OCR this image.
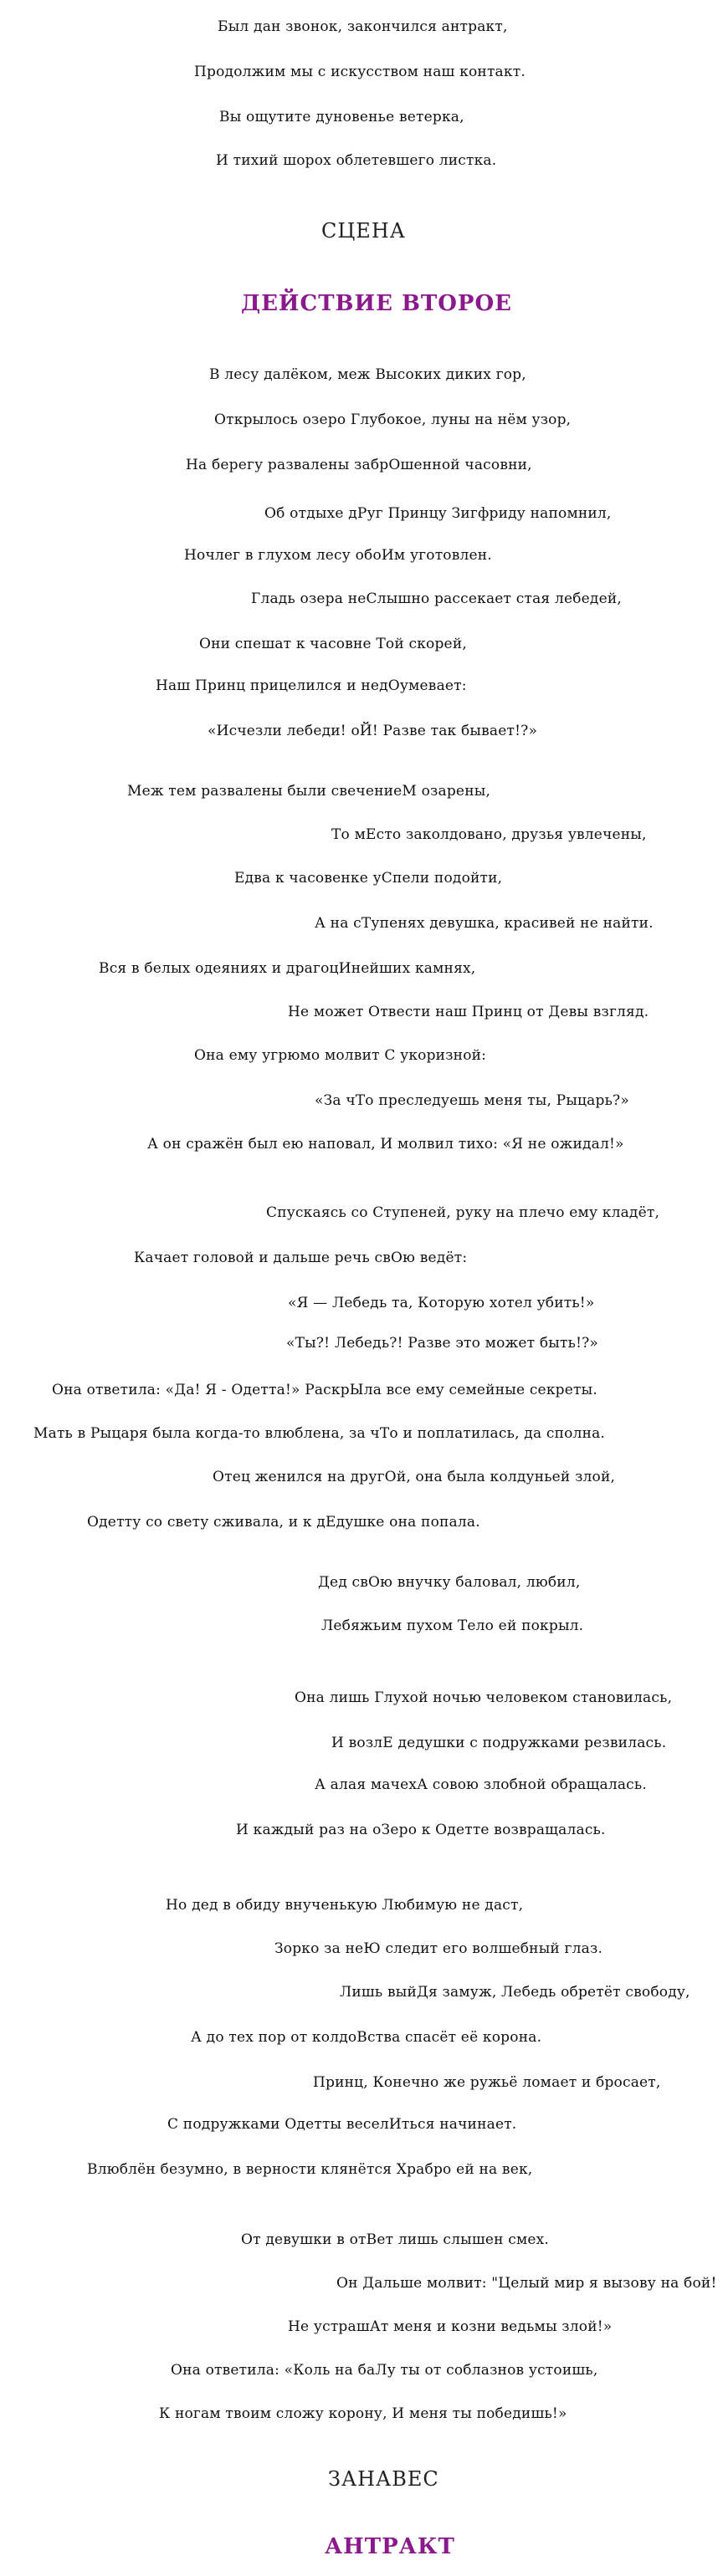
Был дан звонок, закончился антракт,
Продолжим мы с искусством наш контакт.
Вы ощутите дуновенье ветерка,
И тихий шорох облетевшего листка.
СЦЕНА
ДЕЙСТВИЕ ВТОРОЕ
В лесу далёком, меж Высоких диких гор,
Открылось озеро Глубокое, луны на нём узор,
На берегу развалены забрОшенной часовни,
Об отдыхе дРуг Принцу Зигфриду напомнил,
Ночлег в глухом лесу обоИм уготовлен.
Гладь озера неСлышно рассекает стая лебедей,
Они спешат к часовне Той скорей,
Наш Принц прицелился и недОумевает:
«Исчезли лебеди! оЙ! Разве так бывает!?»
Меж тем развалены были свечениеМ озарены,
То мЕсто заколдовано, друзья увлечены,
Едва к часовенке уСпели подойти,
А на сТупенях девушка, красивей не найти.
Вся в белых одеяниях и драгоцИнейших камнях,
Не может Отвести наш Принц от Девы взгляд.
Она ему угрюмо молвит С укоризной:
«За чТо преследуешь меня ты, Рыцарь?»
А он сражён был ею наповал, И молвил тихо: «Я не ожидал!»
Спускаясь со Ступеней, руку на плечо ему кладёт,
Качает головой и дальше речь свОю ведёт:
«Я — Лебедь та, Которую хотел убить!»
«Ты?! Лебедь?! Разве это может быть!?»
Она ответила: «Да! Я - Одетта!» РаскрЫла все ему семейные секреты.
Мать в Рыцаря была когда-то влюблена, за чТо и поплатилась, да сполна.
Отец женился на другОй, она была колдуньей злой,
Одетту со свету сживала, и к дЕдушке она попала.
Дед свОю внучку баловал, любил,
Лебяжьим пухом Тело ей покрыл.
Она лишь Глухой ночью человеком становилась,
И возлЕ дедушки с подружками резвилась.
А алая мачехА совою злобной обращалась.
И каждый раз на оЗеро к Одетте возвращалась.
Но дед в обиду внученькую Любимую не даст,
Зорко за неЮ следит его волшебный глаз.
Лишь выйДя замуж, Лебедь обретёт свободу,
А до тех пор от колдоВства спасёт её корона.
Принц, Конечно же ружьё ломает и бросает,
С подружками Одетты веселИться начинает.
Влюблён безумно, в верности клянётся Храбро ей на век,
От девушки в отВет лишь слышен смех.
Он Дальше молвит: "Целый мир я вызову на бой!
Не устрашАт меня и козни ведьмы злой!»
Она ответила: «Коль на баЛу ты от соблазнов устоишь,
К ногам твоим сложу корону, И меня ты победишь!»
ЗАНАВЕС
АНТРАКТ
